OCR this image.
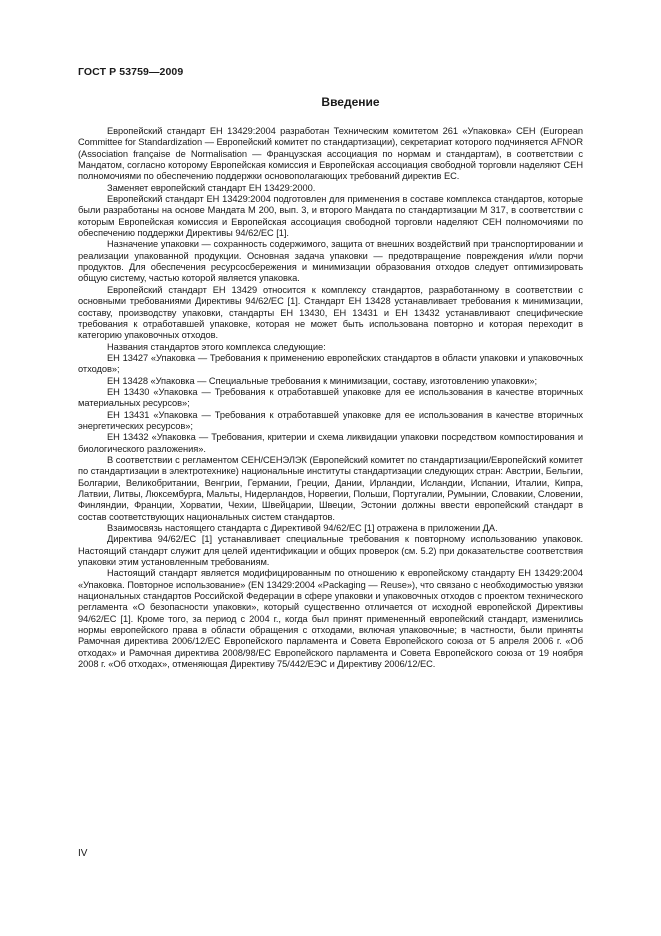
ГОСТ Р 53759—2009
Введение

Европейский стандарт ЕН 13429:2004 разработан Техническим комитетом 261 «Упаковка» CEH (European Committee for Standardization — Европейский комитет по стандартизации), секретариат которого подчиняется AFNOR (Association française de Normalisation — Французская ассоциация по нормам и стандартам), в соответствии с Мандатом, согласно которому Европейская комиссия и Европейская ассоциация свободной торговли наделяют СЕН полномочиями по обеспечению поддержки основополагающих требований директив ЕС.

Заменяет европейский стандарт ЕН 13429:2000.

Европейский стандарт ЕН 13429:2004 подготовлен для применения в составе комплекса стандартов, которые были разработаны на основе Мандата М 200, вып. 3, и второго Мандата по стандартизации М 317, в соответствии с которым Европейская комиссия и Европейская ассоциация свободной торговли наделяют СЕН полномочиями по обеспечению поддержки Директивы 94/62/ЕС [1].

Назначение упаковки — сохранность содержимого, защита от внешних воздействий при транспортировании и реализации упакованной продукции. Основная задача упаковки — предотвращение повреждения и/или порчи продуктов. Для обеспечения ресурсосбережения и минимизации образования отходов следует оптимизировать общую систему, частью которой является упаковка.

Европейский стандарт ЕН 13429 относится к комплексу стандартов, разработанному в соответствии с основными требованиями Директивы 94/62/ЕС [1]. Стандарт ЕН 13428 устанавливает требования к минимизации, составу, производству упаковки, стандарты ЕН 13430, ЕН 13431 и ЕН 13432 устанавливают специфические требования к отработавшей упаковке, которая не может быть использована повторно и которая переходит в категорию упаковочных отходов.

Названия стандартов этого комплекса следующие:

ЕН 13427 «Упаковка — Требования к применению европейских стандартов в области упаковки и упаковочных отходов»;

ЕН 13428 «Упаковка — Специальные требования к минимизации, составу, изготовлению упаковки»;

ЕН 13430 «Упаковка — Требования к отработавшей упаковке для ее использования в качестве вторичных материальных ресурсов»;

ЕН 13431 «Упаковка — Требования к отработавшей упаковке для ее использования в качестве вторичных энергетических ресурсов»;

ЕН 13432 «Упаковка — Требования, критерии и схема ликвидации упаковки посредством компостирования и биологического разложения».

В соответствии с регламентом СЕН/СЕНЭЛЭК (Европейский комитет по стандартизации/Европейский комитет по стандартизации в электротехнике) национальные институты стандартизации следующих стран: Австрии, Бельгии, Болгарии, Великобритании, Венгрии, Германии, Греции, Дании, Ирландии, Исландии, Испании, Италии, Кипра, Латвии, Литвы, Люксембурга, Мальты, Нидерландов, Норвегии, Польши, Португалии, Румынии, Словакии, Словении, Финляндии, Франции, Хорватии, Чехии, Швейцарии, Швеции, Эстонии должны ввести европейский стандарт в состав соответствующих национальных систем стандартов.

Взаимосвязь настоящего стандарта с Директивой 94/62/ЕС [1] отражена в приложении ДА.

Директива 94/62/ЕС [1] устанавливает специальные требования к повторному использованию упаковок. Настоящий стандарт служит для целей идентификации и общих проверок (см. 5.2) при доказательстве соответствия упаковки этим установленным требованиям.

Настоящий стандарт является модифицированным по отношению к европейскому стандарту ЕН 13429:2004 «Упаковка. Повторное использование» (EN 13429:2004 «Packaging — Reuse»), что связано с необходимостью увязки национальных стандартов Российской Федерации в сфере упаковки и упаковочных отходов с проектом технического регламента «О безопасности упаковки», который существенно отличается от исходной европейской Директивы 94/62/ЕС [1]. Кроме того, за период с 2004 г., когда был принят примененный европейский стандарт, изменились нормы европейского права в области обращения с отходами, включая упаковочные; в частности, были приняты Рамочная директива 2006/12/ЕС Европейского парламента и Совета Европейского союза от 5 апреля 2006 г. «Об отходах» и Рамочная директива 2008/98/ЕС Европейского парламента и Совета Европейского союза от 19 ноября 2008 г. «Об отходах», отменяющая Директиву 75/442/ЕЭС и Директиву 2006/12/ЕС.

IV
